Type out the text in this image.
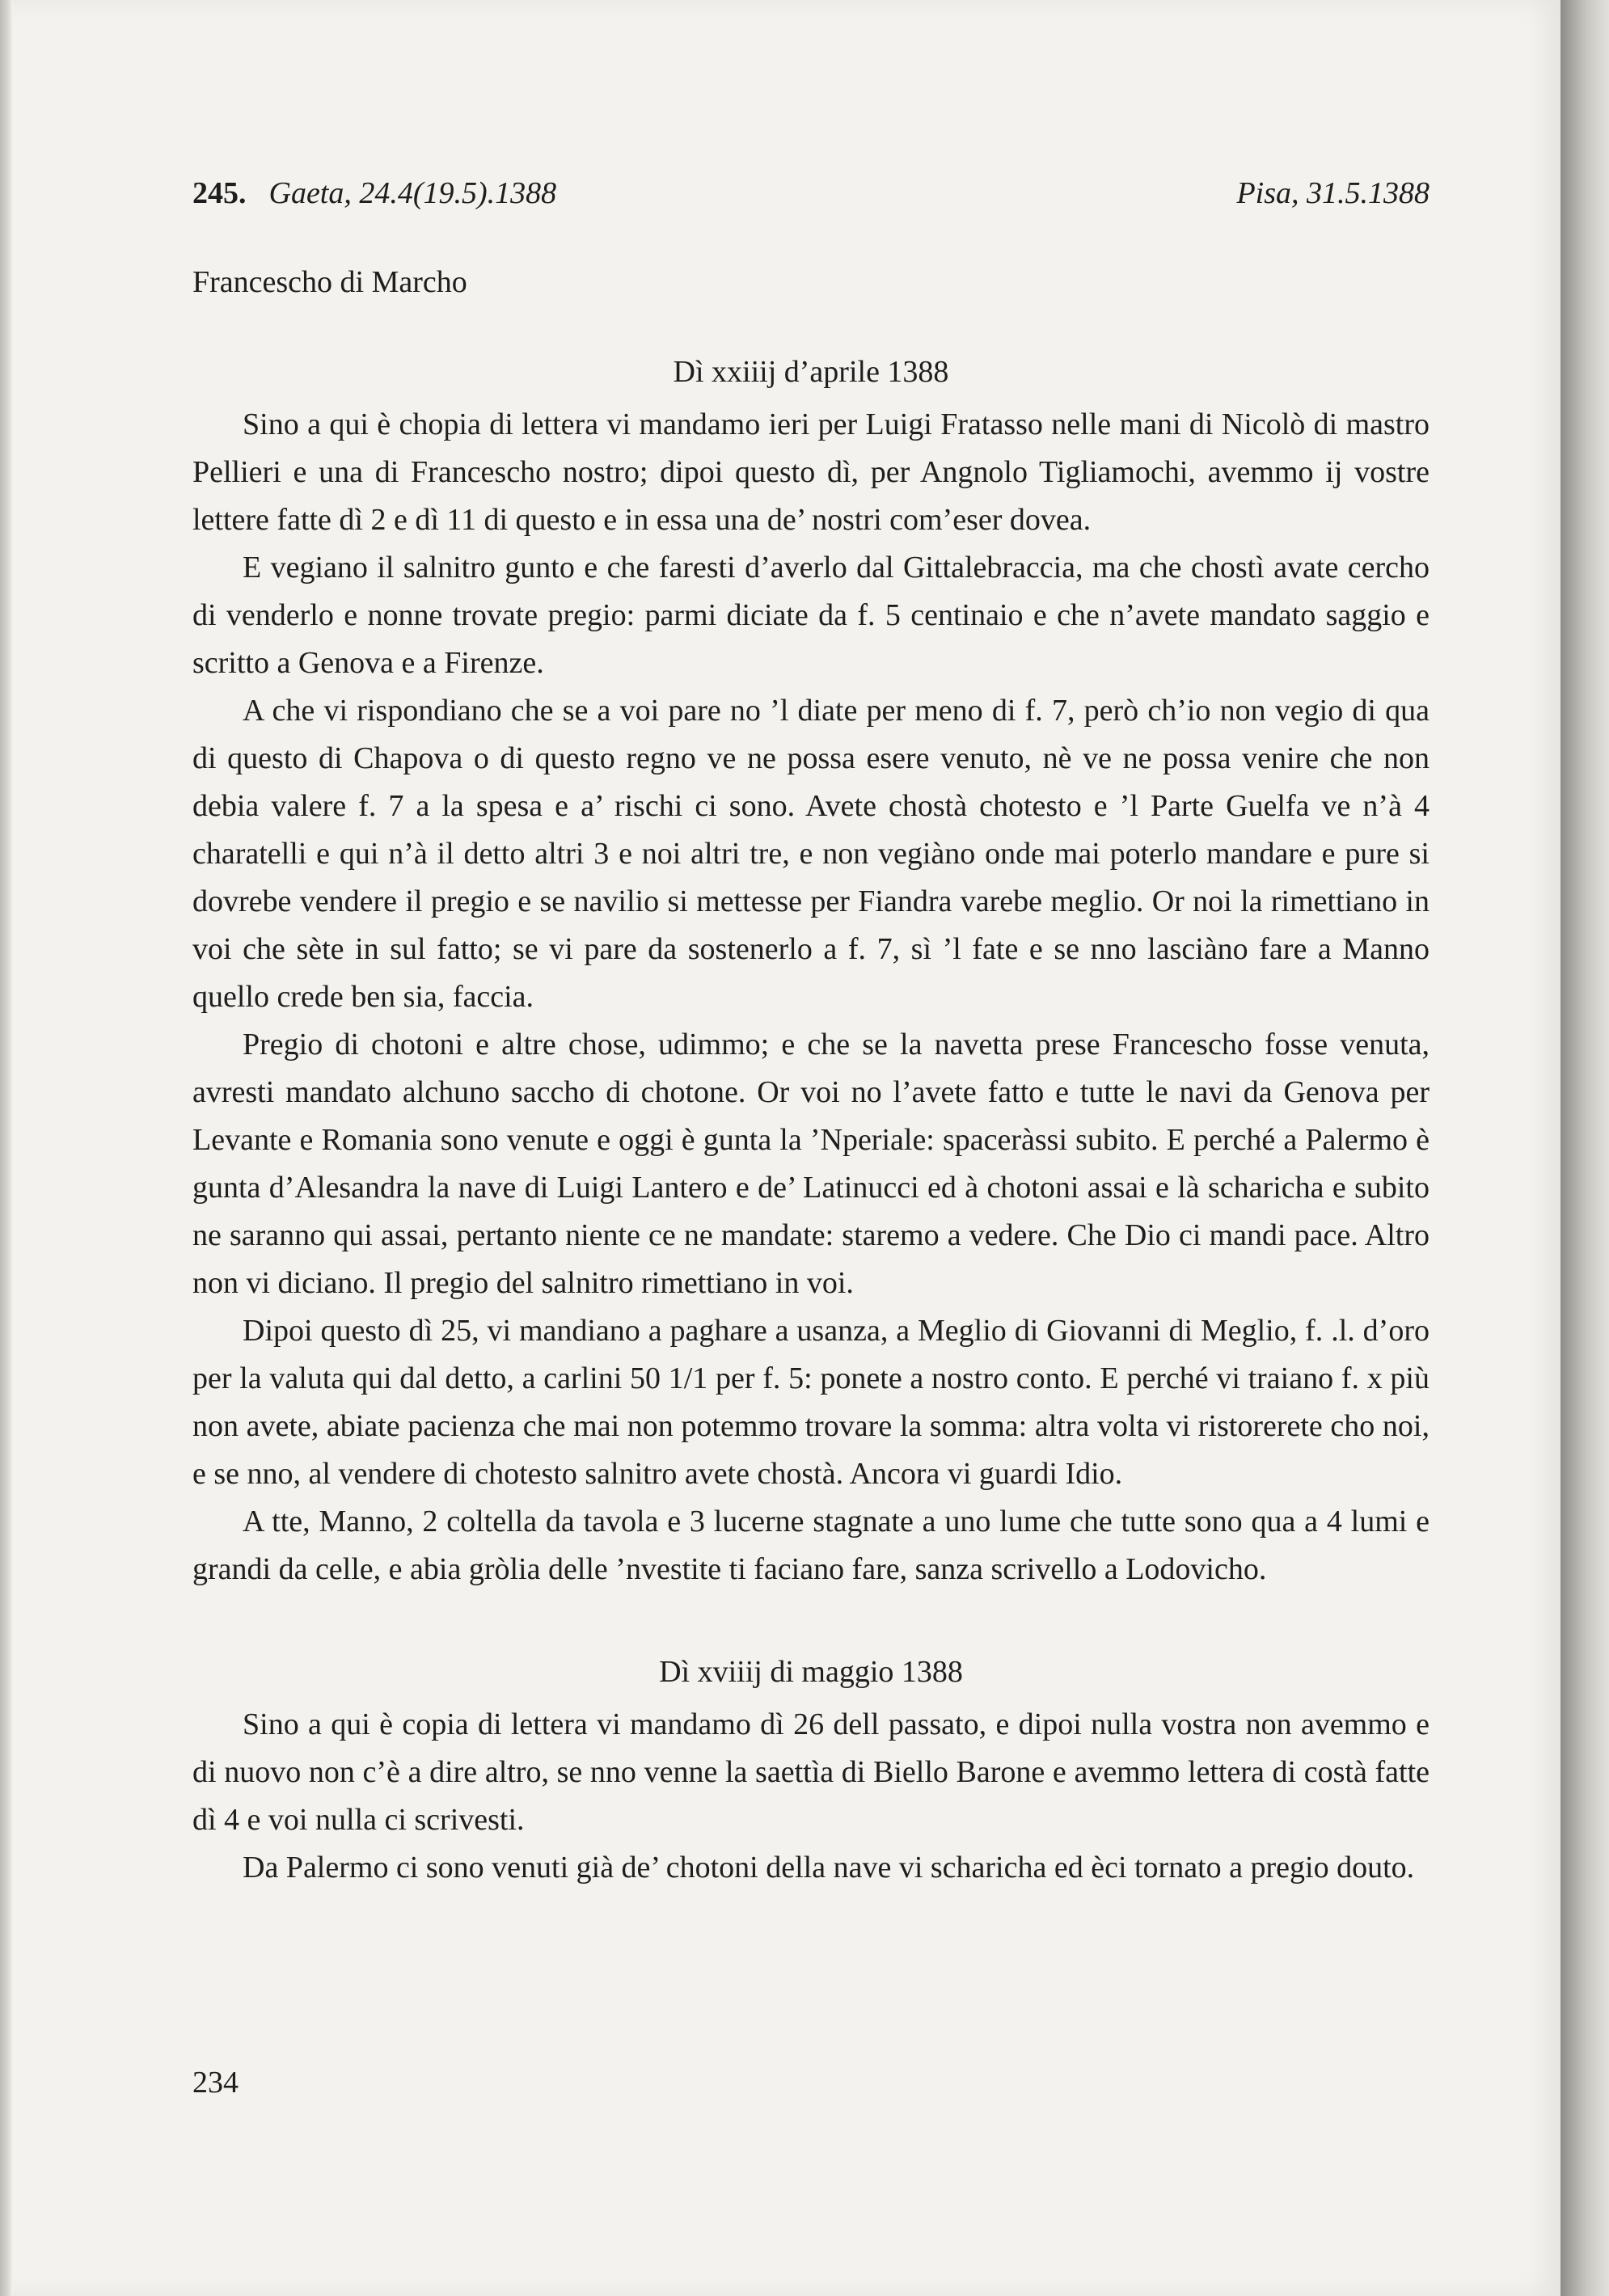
245. Gaeta, 24.4(19.5).1388	Pisa, 31.5.1388
Francescho di Marcho
Dì xxiiij d’aprile 1388

Sino a qui è chopia di lettera vi mandamo ieri per Luigi Fratasso nelle mani di Nicolò di mastro Pellieri e una di Francescho nostro; dipoi questo dì, per Angnolo Tigliamochi, avemmo ij vostre lettere fatte dì 2 e dì 11 di questo e in essa una de’ nostri com’eser dovea.

E vegiano il salnitro gunto e che faresti d’averlo dal Gittalebraccia, ma che chostì avate cercho di venderlo e nonne trovate pregio: parmi diciate da f. 5 centinaio e che n’avete mandato saggio e scritto a Genova e a Firenze.

A che vi rispondiano che se a voi pare no ’l diate per meno di f. 7, però ch’io non vegio di qua di questo di Chapova o di questo regno ve ne possa esere venuto, nè ve ne possa venire che non debia valere f. 7 a la spesa e a’ rischi ci sono. Avete chostà chotesto e ’l Parte Guelfa ve n’à 4 charatelli e qui n’à il detto altri 3 e noi altri tre, e non vegiàno onde mai poterlo mandare e pure si dovrebe vendere il pregio e se navilio si mettesse per Fiandra varebe meglio. Or noi la rimettiano in voi che sète in sul fatto; se vi pare da sostenerlo a f. 7, sì ’l fate e se nno lasciàno fare a Manno quello crede ben sia, faccia.

Pregio di chotoni e altre chose, udimmo; e che se la navetta prese Francescho fosse venuta, avresti mandato alchuno saccho di chotone. Or voi no l’avete fatto e tutte le navi da Genova per Levante e Romania sono venute e oggi è gunta la ’Nperiale: spaceràssi subito. E perché a Palermo è gunta d’Alesandra la nave di Luigi Lantero e de’ Latinucci ed à chotoni assai e là scharicha e subito ne saranno qui assai, pertanto niente ce ne mandate: staremo a vedere. Che Dio ci mandi pace. Altro non vi diciano. Il pregio del salnitro rimettiano in voi.

Dipoi questo dì 25, vi mandiano a paghare a usanza, a Meglio di Giovanni di Meglio, f. .l. d’oro per la valuta qui dal detto, a carlini 50 1/1 per f. 5: ponete a nostro conto. E perché vi traiano f. x più non avete, abiate pacienza che mai non potemmo trovare la somma: altra volta vi ristorerete cho noi, e se nno, al vendere di chotesto salnitro avete chostà. Ancora vi guardi Idio.

A tte, Manno, 2 coltella da tavola e 3 lucerne stagnate a uno lume che tutte sono qua a 4 lumi e grandi da celle, e abia gròlia delle ’nvestite ti faciano fare, sanza scrivello a Lodovicho.

Dì xviiij di maggio 1388

Sino a qui è copia di lettera vi mandamo dì 26 dell passato, e dipoi nulla vostra non avemmo e di nuovo non c’è a dire altro, se nno venne la saettìa di Biello Barone e avemmo lettera di costà fatte dì 4 e voi nulla ci scrivesti.

Da Palermo ci sono venuti già de’ chotoni della nave vi scharicha ed èci tornato a pregio douto.

234
